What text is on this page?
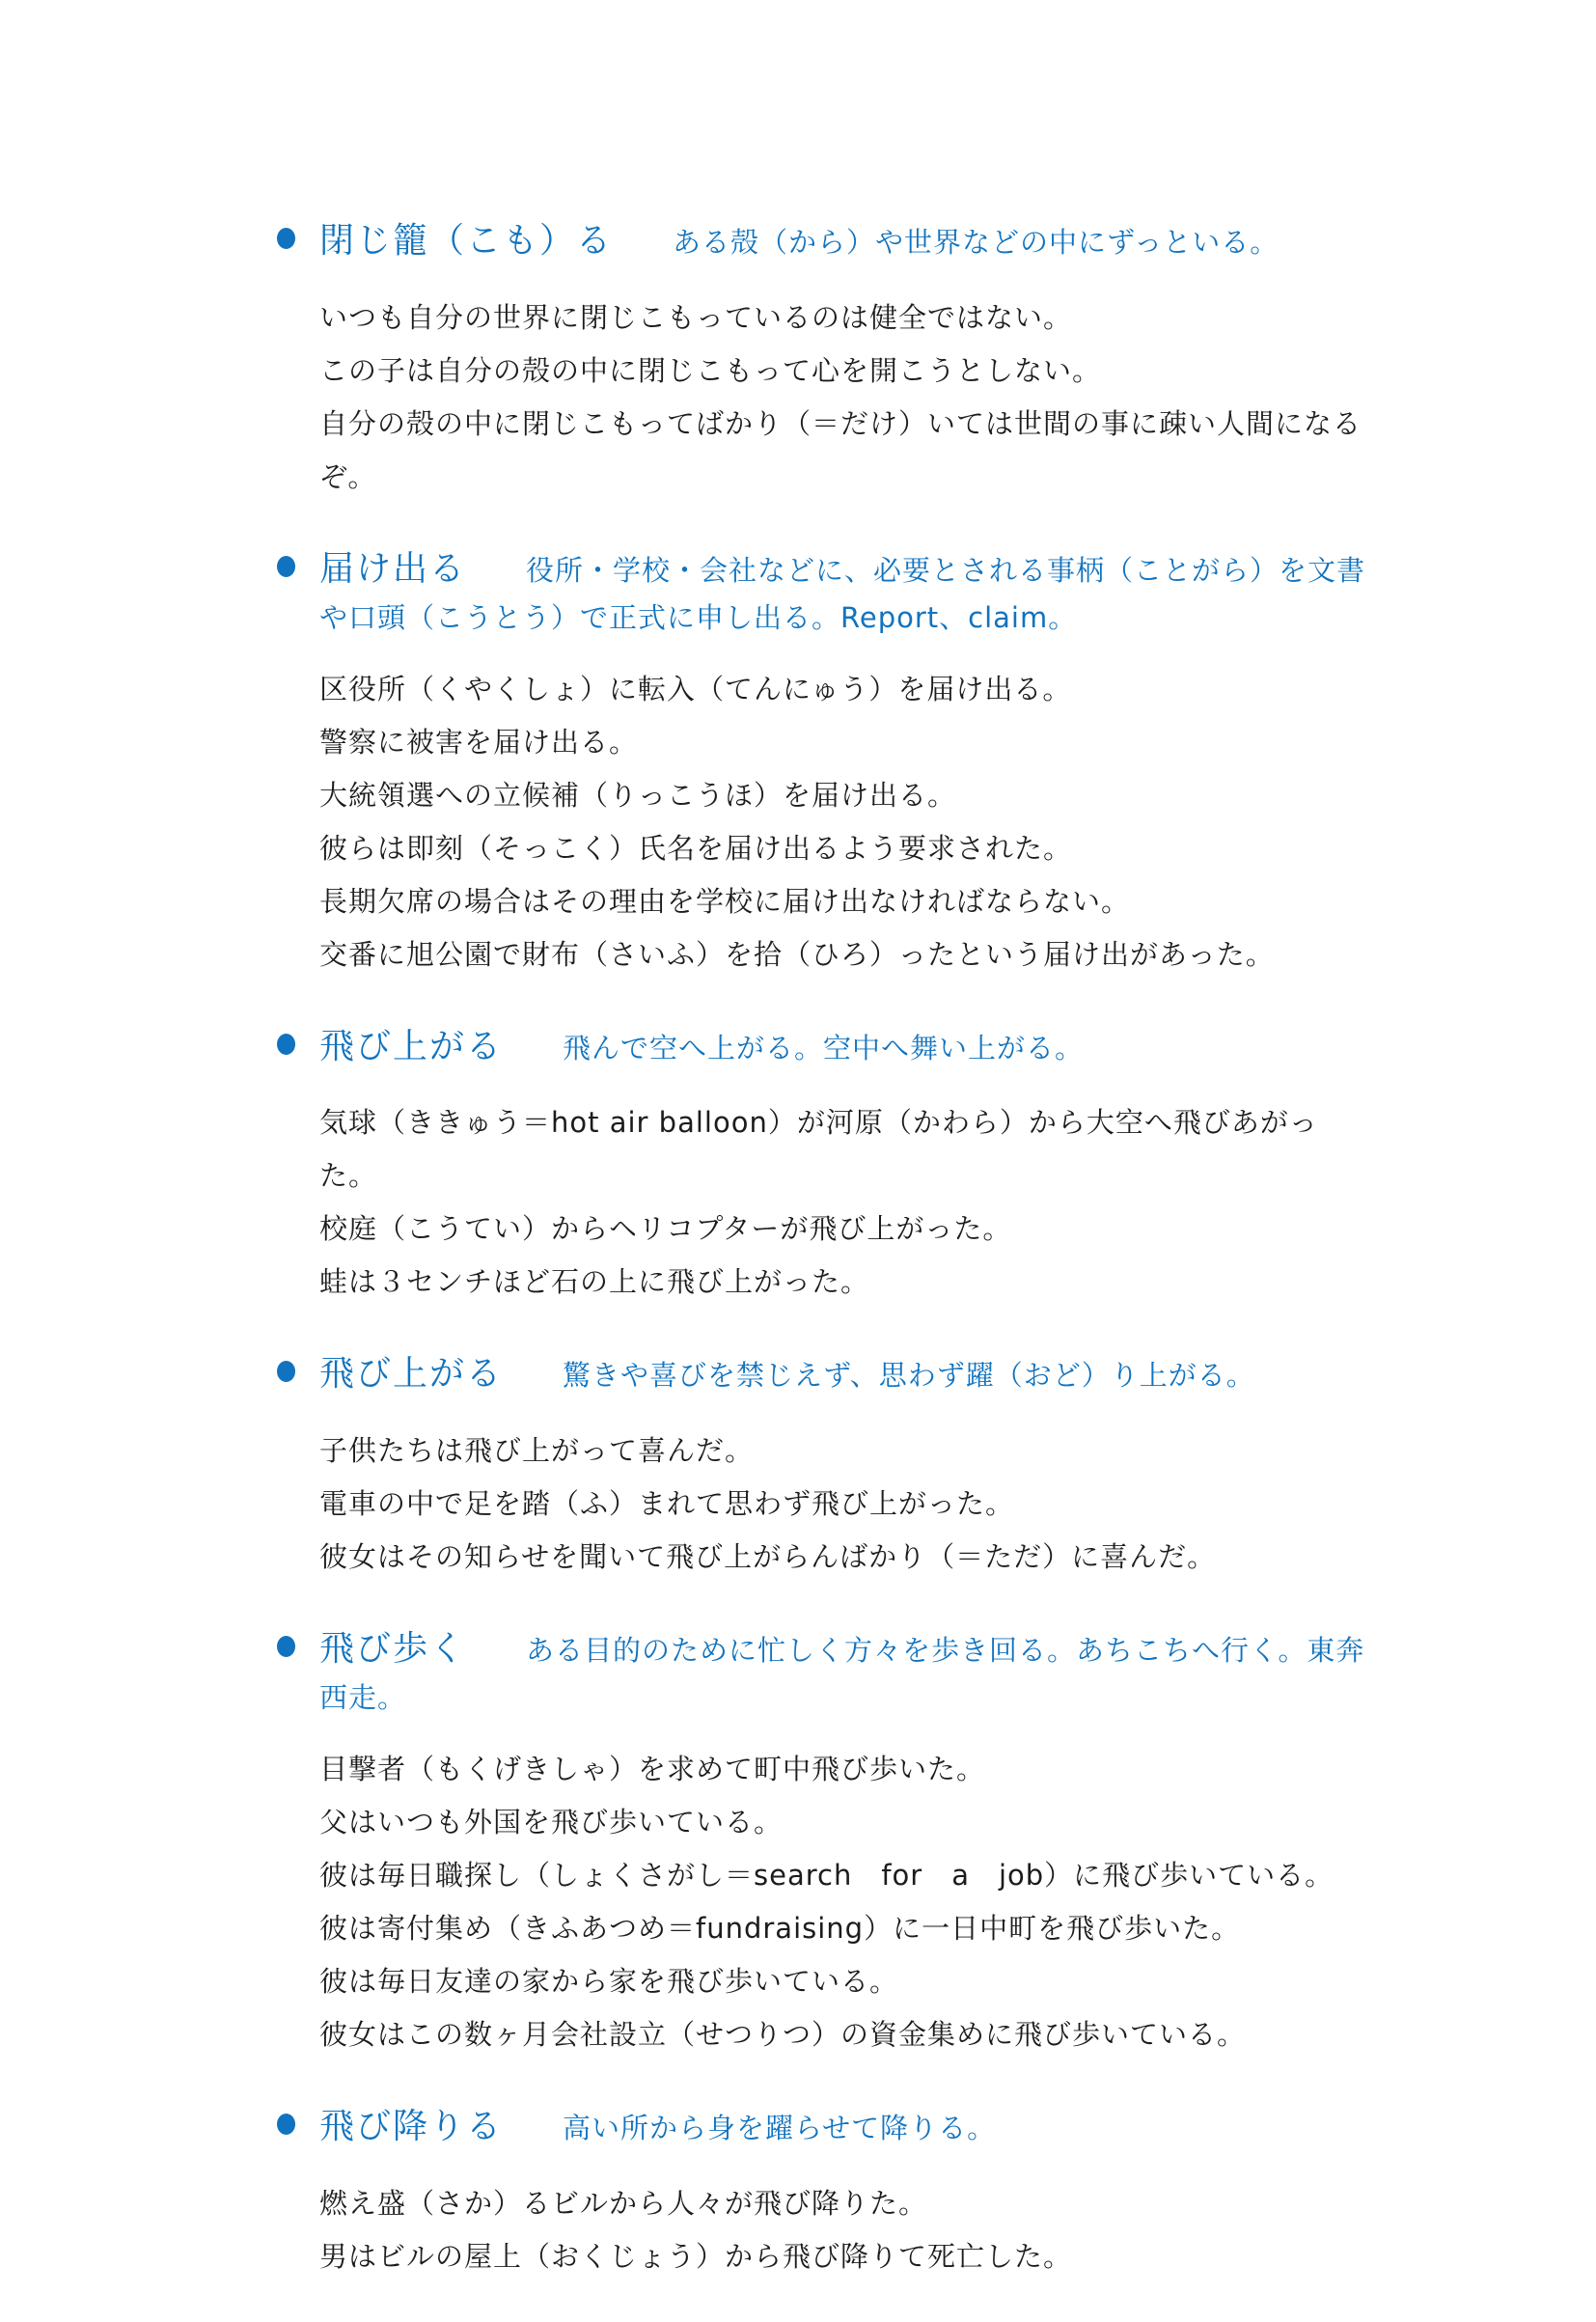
閉じ籠（こも）る ある殻（から）や世界などの中にずっといる。

いつも自分の世界に閉じこもっているのは健全ではない。

この子は自分の殻の中に閉じこもって心を開こうとしない。

自分の殻の中に閉じこもってばかり（＝だけ）いては世間の事に疎い人間になるぞ。

届け出る 役所・学校・会社などに、必要とされる事柄（ことがら）を文書や口頭（こうとう）で正式に申し出る。Report、claim。

区役所（くやくしょ）に転入（てんにゅう）を届け出る。

警察に被害を届け出る。

大統領選への立候補（りっこうほ）を届け出る。

彼らは即刻（そっこく）氏名を届け出るよう要求された。

長期欠席の場合はその理由を学校に届け出なければならない。

交番に旭公園で財布（さいふ）を拾（ひろ）ったという届け出があった。

飛び上がる 飛んで空へ上がる。空中へ舞い上がる。

気球（ききゅう＝hot air balloon）が河原（かわら）から大空へ飛びあがった。

校庭（こうてい）からヘリコプターが飛び上がった。

蛙は３センチほど石の上に飛び上がった。

飛び上がる 驚きや喜びを禁じえず、思わず躍（おど）り上がる。

子供たちは飛び上がって喜んだ。

電車の中で足を踏（ふ）まれて思わず飛び上がった。

彼女はその知らせを聞いて飛び上がらんばかり（＝ただ）に喜んだ。

飛び歩く ある目的のために忙しく方々を歩き回る。あちこちへ行く。東奔西走。

目撃者（もくげきしゃ）を求めて町中飛び歩いた。

父はいつも外国を飛び歩いている。

彼は毎日職探し（しょくさがし＝search　for　a　job）に飛び歩いている。

彼は寄付集め（きふあつめ＝fundraising）に一日中町を飛び歩いた。

彼は毎日友達の家から家を飛び歩いている。

彼女はこの数ヶ月会社設立（せつりつ）の資金集めに飛び歩いている。

飛び降りる 高い所から身を躍らせて降りる。

燃え盛（さか）るビルから人々が飛び降りた。

男はビルの屋上（おくじょう）から飛び降りて死亡した。
